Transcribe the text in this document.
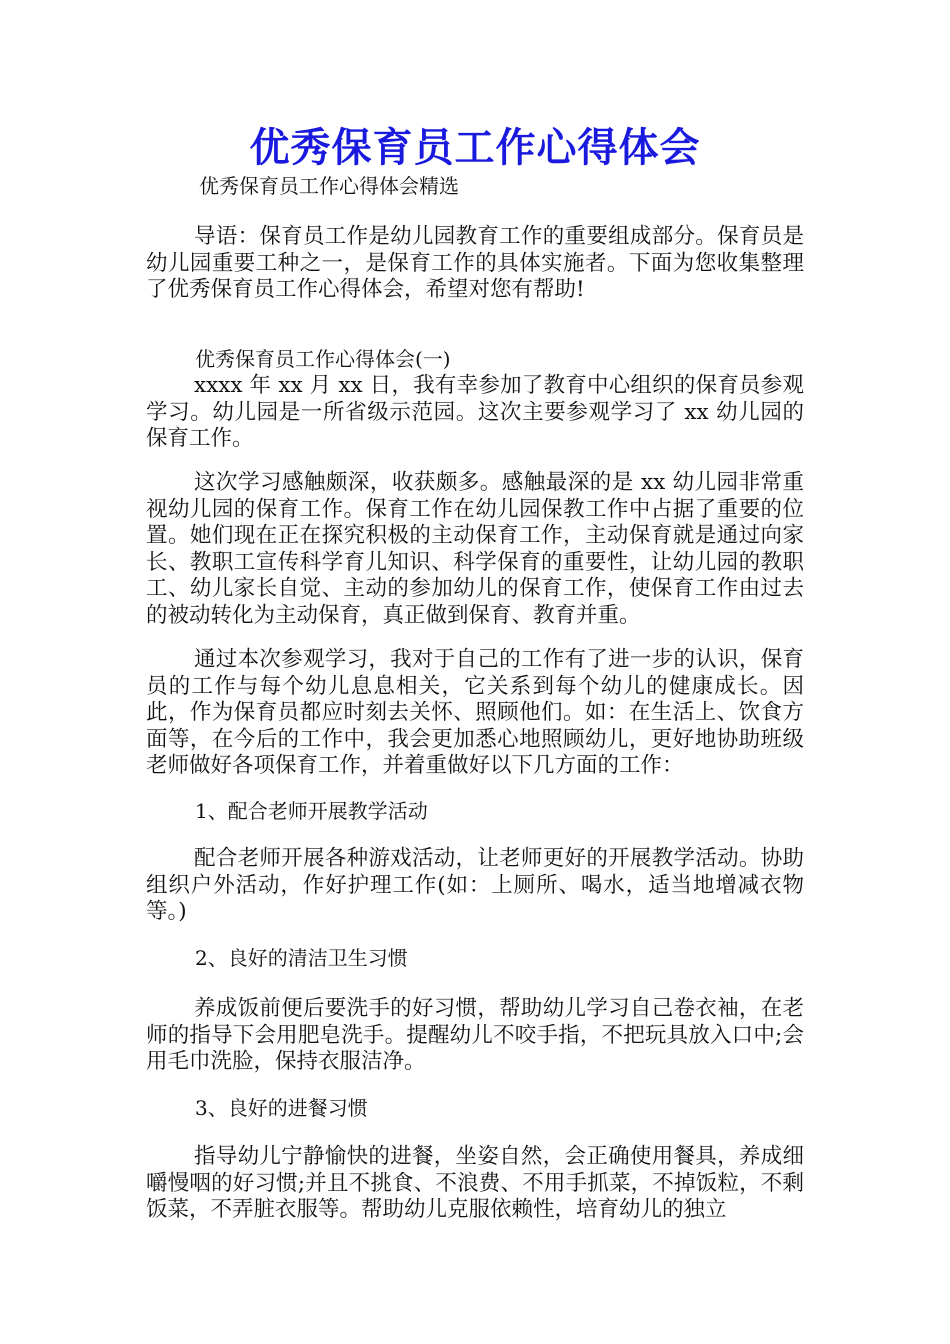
优秀保育员工作心得体会

优秀保育员工作心得体会精选

导语：保育员工作是幼儿园教育工作的重要组成部分。保育员是幼儿园重要工种之一，是保育工作的具体实施者。下面为您收集整理了优秀保育员工作心得体会，希望对您有帮助!

优秀保育员工作心得体会(一)

xxxx 年 xx 月 xx 日，我有幸参加了教育中心组织的保育员参观学习。幼儿园是一所省级示范园。这次主要参观学习了 xx 幼儿园的保育工作。

这次学习感触颇深，收获颇多。感触最深的是 xx 幼儿园非常重视幼儿园的保育工作。保育工作在幼儿园保教工作中占据了重要的位置。她们现在正在探究积极的主动保育工作，主动保育就是通过向家长、教职工宣传科学育儿知识、科学保育的重要性，让幼儿园的教职工、幼儿家长自觉、主动的参加幼儿的保育工作，使保育工作由过去的被动转化为主动保育，真正做到保育、教育并重。

通过本次参观学习，我对于自己的工作有了进一步的认识，保育员的工作与每个幼儿息息相关，它关系到每个幼儿的健康成长。因此，作为保育员都应时刻去关怀、照顾他们。如：在生活上、饮食方面等，在今后的工作中，我会更加悉心地照顾幼儿，更好地协助班级老师做好各项保育工作，并着重做好以下几方面的工作：

1、配合老师开展教学活动

配合老师开展各种游戏活动，让老师更好的开展教学活动。协助组织户外活动，作好护理工作(如：上厕所、喝水，适当地增减衣物等。)

2、良好的清洁卫生习惯

养成饭前便后要洗手的好习惯，帮助幼儿学习自己卷衣袖，在老师的指导下会用肥皂洗手。提醒幼儿不咬手指，不把玩具放入口中;会用毛巾洗脸，保持衣服洁净。

3、良好的进餐习惯

指导幼儿宁静愉快的进餐，坐姿自然，会正确使用餐具，养成细嚼慢咽的好习惯;并且不挑食、不浪费、不用手抓菜，不掉饭粒，不剩饭菜，不弄脏衣服等。帮助幼儿克服依赖性，培育幼儿的独立
